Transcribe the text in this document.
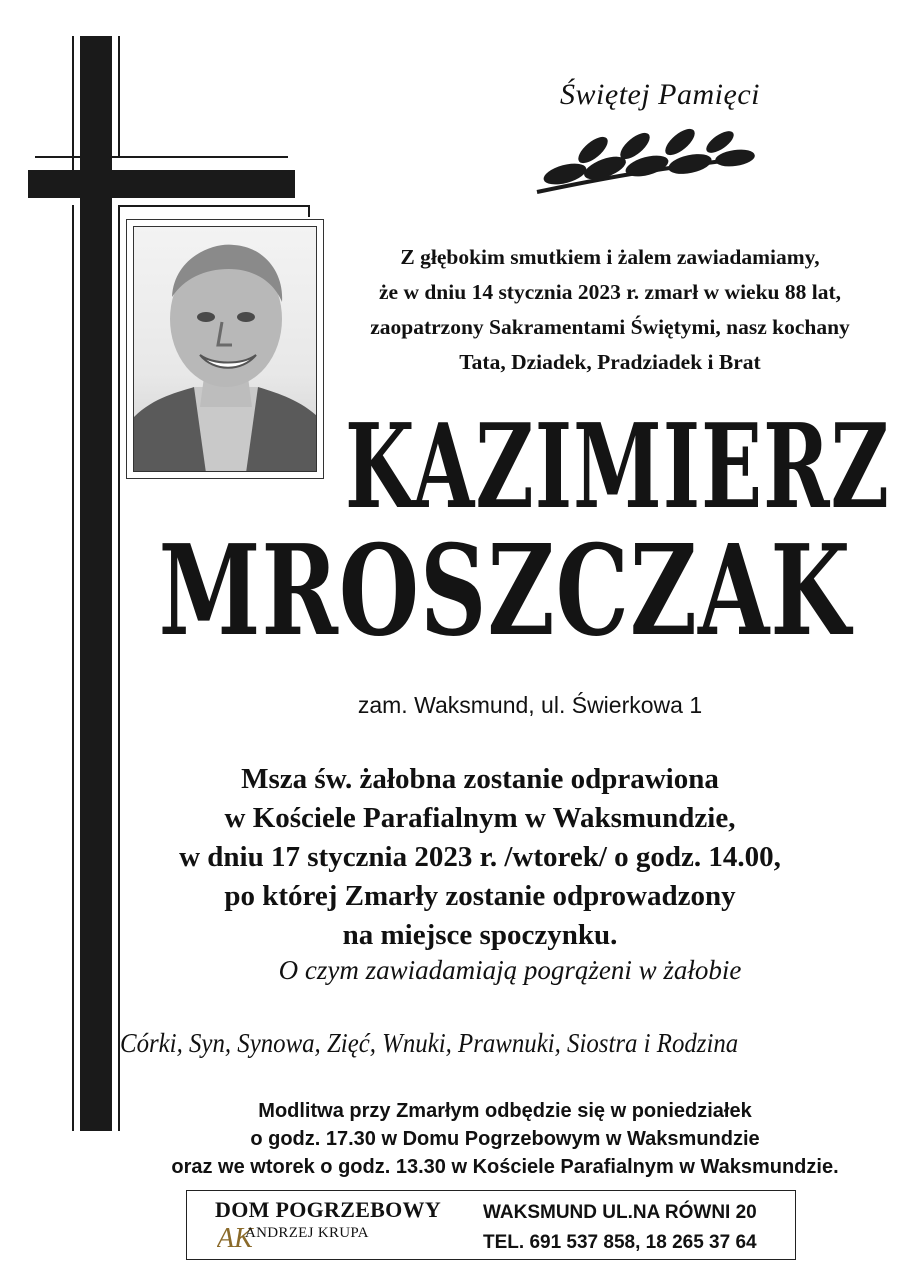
Świętej Pamięci
Z głębokim smutkiem i żalem zawiadamiamy,
że w dniu 14 stycznia 2023 r. zmarł w wieku 88 lat,
zaopatrzony Sakramentami Świętymi, nasz kochany
Tata, Dziadek, Pradziadek i Brat
KAZIMIERZ
MROSZCZAK
zam. Waksmund, ul. Świerkowa 1
Msza św. żałobna zostanie odprawiona
w Kościele Parafialnym w Waksmundzie,
w dniu 17 stycznia 2023 r. /wtorek/ o godz. 14.00,
po której Zmarły zostanie odprowadzony
na miejsce spoczynku.
O czym zawiadamiają pogrążeni w żałobie
Córki, Syn, Synowa, Zięć, Wnuki, Prawnuki, Siostra i Rodzina
Modlitwa przy Zmarłym odbędzie się w poniedziałek
o godz. 17.30 w Domu Pogrzebowym w Waksmundzie
oraz we wtorek o godz. 13.30 w Kościele Parafialnym w Waksmundzie.
DOM POGRZEBOWY
AK
ANDRZEJ KRUPA
WAKSMUND UL.NA RÓWNI 20
TEL. 691 537 858, 18 265 37 64
